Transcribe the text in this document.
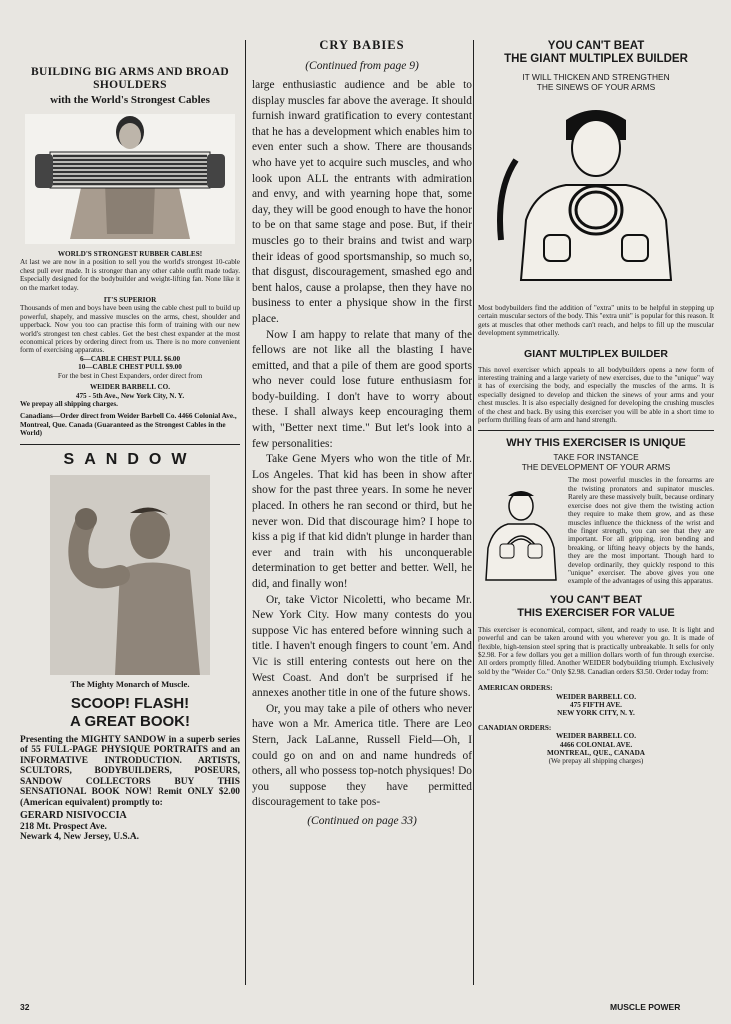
BUILDING BIG ARMS AND BROAD SHOULDERS
with the World's Strongest Cables
WORLD'S STRONGEST RUBBER CABLES!
At last we are now in a position to sell you the world's strongest 10-cable chest pull ever made. It is stronger than any other cable outfit made today. Especially designed for the bodybuilder and weight-lifting fan. None like it on the market today.
IT'S SUPERIOR
Thousands of men and boys have been using the cable chest pull to build up powerful, shapely, and massive muscles on the arms, chest, shoulder and upperback. Now you too can practise this form of training with our new world's strongest ten chest cables. Get the best chest expander at the most economical prices by ordering direct from us. There is no more convenient form of exercising apparatus.
6—CABLE CHEST PULL $6.00
10—CABLE CHEST PULL $9.00
For the best in Chest Expanders, order direct from
WEIDER BARBELL CO.
475 - 5th Ave., New York City, N. Y.
We prepay all shipping charges.
Canadians—Order direct from Weider Barbell Co. 4466 Colonial Ave., Montreal, Que. Canada (Guaranteed as the Strongest Cables in the World)
SANDOW
The Mighty Monarch of Muscle.
SCOOP! FLASH!
A GREAT BOOK!
Presenting the MIGHTY SANDOW in a superb series of 55 FULL-PAGE PHYSIQUE PORTRAITS and an INFORMATIVE INTRODUCTION. ARTISTS, SCULTORS, BODYBUILDERS, POSEURS, SANDOW COLLECTORS BUY THIS SENSATIONAL BOOK NOW! Remit ONLY $2.00 (American equivalent) promptly to:
GERARD NISIVOCCIA
218 Mt. Prospect Ave.
Newark 4, New Jersey, U.S.A.
CRY BABIES
(Continued from page 9)

large enthusiastic audience and be able to display muscles far above the average. It should furnish inward gratification to every contestant that he has a development which enables him to even enter such a show. There are thousands who have yet to acquire such muscles, and who look upon ALL the entrants with admiration and envy, and with yearning hope that, some day, they will be good enough to have the honor to be on that same stage and pose. But, if their muscles go to their brains and twist and warp their ideas of good sportsmanship, so much so, that disgust, discouragement, smashed ego and bent halos, cause a prolapse, then they have no business to enter a physique show in the first place.

Now I am happy to relate that many of the fellows are not like all the blasting I have emitted, and that a pile of them are good sports who never could lose future enthusiasm for body-building. I don't have to worry about these. I shall always keep encouraging them with, "Better next time." But let's look into a few personalities:

Take Gene Myers who won the title of Mr. Los Angeles. That kid has been in show after show for the past three years. In some he never placed. In others he ran second or third, but he never won. Did that discourage him? I hope to kiss a pig if that kid didn't plunge in harder than ever and train with his unconquerable determination to get better and better. Well, he did, and finally won!

Or, take Victor Nicoletti, who became Mr. New York City. How many contests do you suppose Vic has entered before winning such a title. I haven't enough fingers to count 'em. And Vic is still entering contests out here on the West Coast. And don't be surprised if he annexes another title in one of the future shows.

Or, you may take a pile of others who never have won a Mr. America title. There are Leo Stern, Jack LaLanne, Russell Field—Oh, I could go on and on and name hundreds of others, all who possess top-notch physiques! Do you suppose they have permitted discouragement to take pos-

(Continued on page 33)
YOU CAN'T BEAT
THE GIANT MULTIPLEX BUILDER
IT WILL THICKEN AND STRENGTHEN
THE SINEWS OF YOUR ARMS
Most bodybuilders find the addition of "extra" units to be helpful in stepping up certain muscular sectors of the body. This "extra unit" is popular for this reason. It gets at muscles that other methods can't reach, and helps to fill up the muscular development symmetrically.
GIANT MULTIPLEX BUILDER
This novel exerciser which appeals to all bodybuilders opens a new form of interesting training and a large variety of new exercises, due to the "unique" way it has of exercising the body, and especially the muscles of the arms. It is especially designed to develop and thicken the sinews of your arms and your chest muscles. It is also especially designed for developing the crushing muscles of the chest and back. By using this exerciser you will be able in a short time to perform thrilling feats of arm and hand strength.
WHY THIS EXERCISER IS UNIQUE
TAKE FOR INSTANCE
THE DEVELOPMENT OF YOUR ARMS
The most powerful muscles in the forearms are the twisting pronators and supinator muscles. Rarely are these massively built, because ordinary exercise does not give them the twisting action they require to make them grow, and as these muscles influence the thickness of the wrist and the finger strength, you can see that they are important. For all gripping, iron bending and breaking, or lifting heavy objects by the hands, they are the most important. Though hard to develop ordinarily, they quickly respond to this "unique" exerciser. The above gives you one example of the advantages of using this apparatus.
YOU CAN'T BEAT
THIS EXERCISER FOR VALUE
This exerciser is economical, compact, silent, and ready to use. It is light and powerful and can be taken around with you wherever you go. It is made of flexible, high-tension steel spring that is practically unbreakable. It sells for only $2.98. For a few dollars you get a million dollars worth of fun through exercise. All orders promptly filled. Another WEIDER bodybuilding triumph. Exclusively sold by the "Weider Co." Only $2.98. Canadian orders $3.50. Order today from:
AMERICAN ORDERS:
WEIDER BARBELL CO.
475 FIFTH AVE.
NEW YORK CITY, N. Y.
CANADIAN ORDERS:
WEIDER BARBELL CO.
4466 COLONIAL AVE.
MONTREAL, QUE., CANADA
(We prepay all shipping charges)
32	MUSCLE POWER
